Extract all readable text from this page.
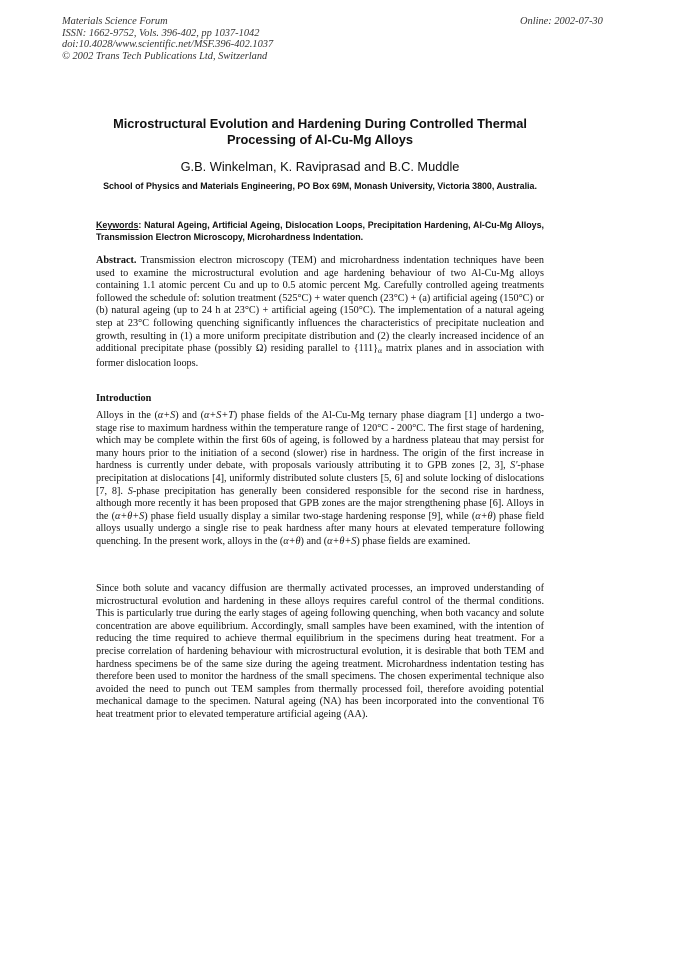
Materials Science Forum
ISSN: 1662-9752, Vols. 396-402, pp 1037-1042
doi:10.4028/www.scientific.net/MSF.396-402.1037
© 2002 Trans Tech Publications Ltd, Switzerland
Online: 2002-07-30
Microstructural Evolution and Hardening During Controlled Thermal Processing of Al-Cu-Mg Alloys
G.B. Winkelman, K. Raviprasad and B.C. Muddle
School of Physics and Materials Engineering, PO Box 69M, Monash University, Victoria 3800, Australia.
Keywords: Natural Ageing, Artificial Ageing, Dislocation Loops, Precipitation Hardening, Al-Cu-Mg Alloys, Transmission Electron Microscopy, Microhardness Indentation.
Abstract. Transmission electron microscopy (TEM) and microhardness indentation techniques have been used to examine the microstructural evolution and age hardening behaviour of two Al-Cu-Mg alloys containing 1.1 atomic percent Cu and up to 0.5 atomic percent Mg. Carefully controlled ageing treatments followed the schedule of: solution treatment (525°C) + water quench (23°C) + (a) artificial ageing (150°C) or (b) natural ageing (up to 24 h at 23°C) + artificial ageing (150°C). The implementation of a natural ageing step at 23°C following quenching significantly influences the characteristics of precipitate nucleation and growth, resulting in (1) a more uniform precipitate distribution and (2) the clearly increased incidence of an additional precipitate phase (possibly Ω) residing parallel to $\{111\}_\alpha$ matrix planes and in association with former dislocation loops.
Introduction
Alloys in the (α+S) and (α+S+T) phase fields of the Al-Cu-Mg ternary phase diagram [1] undergo a two-stage rise to maximum hardness within the temperature range of 120°C - 200°C. The first stage of hardening, which may be complete within the first 60s of ageing, is followed by a hardness plateau that may persist for many hours prior to the initiation of a second (slower) rise in hardness. The origin of the first increase in hardness is currently under debate, with proposals variously attributing it to GPB zones [2, 3], S'-phase precipitation at dislocations [4], uniformly distributed solute clusters [5, 6] and solute locking of dislocations [7, 8]. S-phase precipitation has generally been considered responsible for the second rise in hardness, although more recently it has been proposed that GPB zones are the major strengthening phase [6]. Alloys in the (α+θ+S) phase field usually display a similar two-stage hardening response [9], while (α+θ) phase field alloys usually undergo a single rise to peak hardness after many hours at elevated temperature following quenching. In the present work, alloys in the (α+θ) and (α+θ+S) phase fields are examined.
Since both solute and vacancy diffusion are thermally activated processes, an improved understanding of microstructural evolution and hardening in these alloys requires careful control of the thermal conditions. This is particularly true during the early stages of ageing following quenching, when both vacancy and solute concentration are above equilibrium. Accordingly, small samples have been examined, with the intention of reducing the time required to achieve thermal equilibrium in the specimens during heat treatment. For a precise correlation of hardening behaviour with microstructural evolution, it is desirable that both TEM and hardness specimens be of the same size during the ageing treatment. Microhardness indentation testing has therefore been used to monitor the hardness of the small specimens. The chosen experimental technique also avoided the need to punch out TEM samples from thermally processed foil, therefore avoiding potential mechanical damage to the specimen. Natural ageing (NA) has been incorporated into the conventional T6 heat treatment prior to elevated temperature artificial ageing (AA).
